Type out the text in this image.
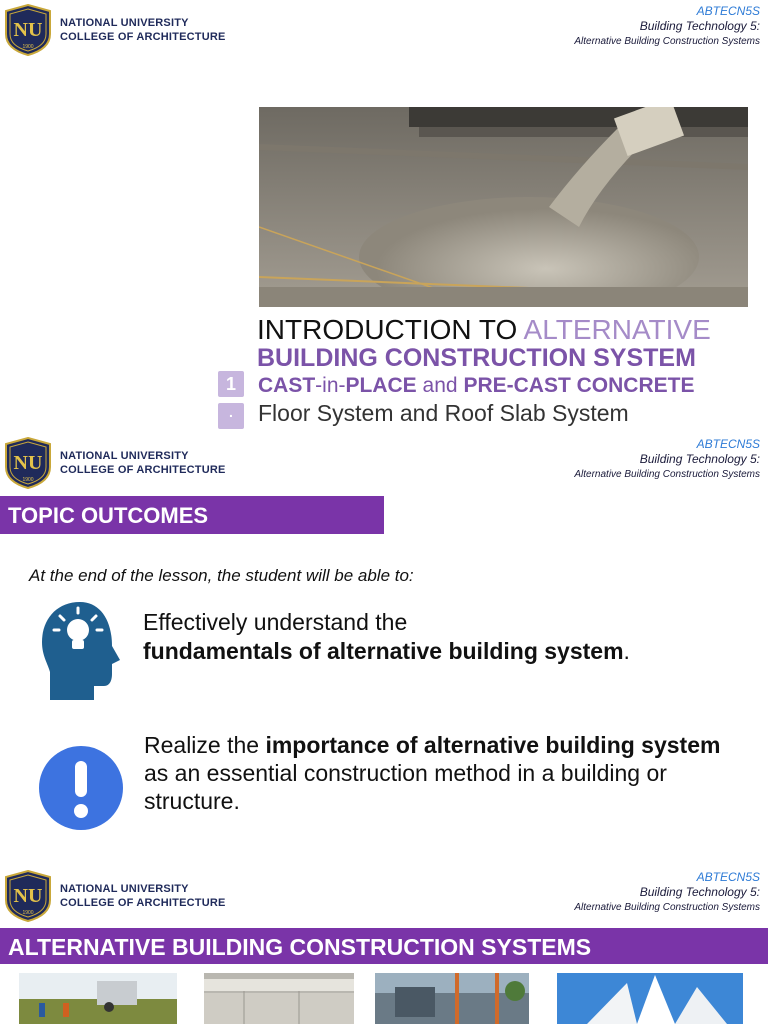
NU
1900
NATIONAL UNIVERSITY
COLLEGE OF ARCHITECTURE
ABTECN5S
Building Technology 5:
Alternative Building Construction Systems
INTRODUCTION TO ALTERNATIVE
BUILDING CONSTRUCTION SYSTEM
1
.
CAST-in-PLACE and PRE-CAST CONCRETE
Floor System and Roof Slab System
NU
1900
NATIONAL UNIVERSITY
COLLEGE OF ARCHITECTURE
ABTECN5S
Building Technology 5:
Alternative Building Construction Systems
TOPIC OUTCOMES
At the end of the lesson, the student will be able to:
Effectively understand the
fundamentals of alternative building system.
Realize the importance of alternative building system as an essential construction method in a building or structure.
NU
1900
NATIONAL UNIVERSITY
COLLEGE OF ARCHITECTURE
ABTECN5S
Building Technology 5:
Alternative Building Construction Systems
ALTERNATIVE BUILDING CONSTRUCTION SYSTEMS
